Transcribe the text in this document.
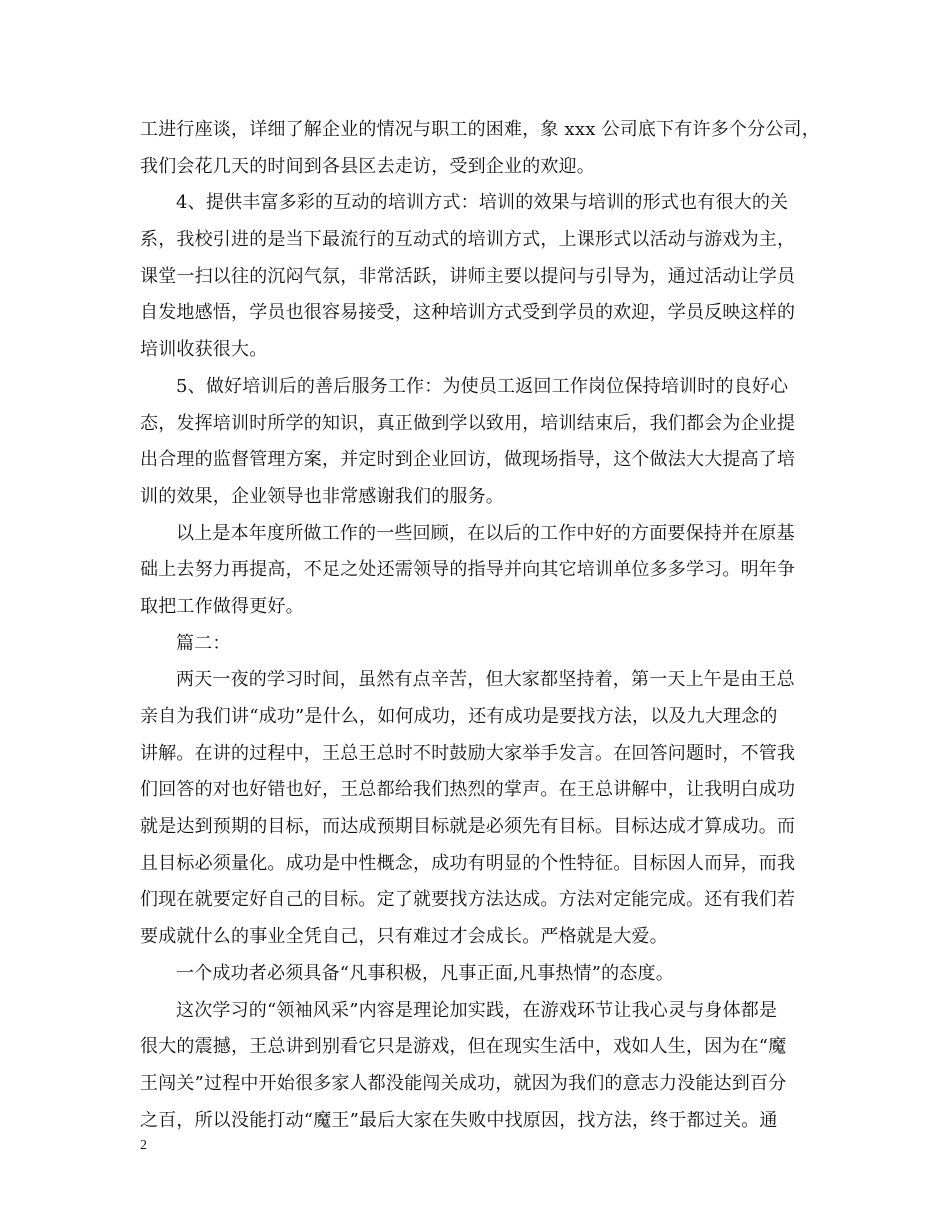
工进行座谈，详细了解企业的情况与职工的困难，象 xxx 公司底下有许多个分公司，
我们会花几天的时间到各县区去走访，受到企业的欢迎。
4、提供丰富多彩的互动的培训方式：培训的效果与培训的形式也有很大的关
系，我校引进的是当下最流行的互动式的培训方式，上课形式以活动与游戏为主，
课堂一扫以往的沉闷气氛，非常活跃，讲师主要以提问与引导为，通过活动让学员
自发地感悟，学员也很容易接受，这种培训方式受到学员的欢迎，学员反映这样的
培训收获很大。
5、做好培训后的善后服务工作：为使员工返回工作岗位保持培训时的良好心
态，发挥培训时所学的知识，真正做到学以致用，培训结束后，我们都会为企业提
出合理的监督管理方案，并定时到企业回访，做现场指导，这个做法大大提高了培
训的效果，企业领导也非常感谢我们的服务。
以上是本年度所做工作的一些回顾，在以后的工作中好的方面要保持并在原基
础上去努力再提高，不足之处还需领导的指导并向其它培训单位多多学习。明年争
取把工作做得更好。
篇二：
两天一夜的学习时间，虽然有点辛苦，但大家都坚持着，第一天上午是由王总
亲自为我们讲“成功”是什么，如何成功，还有成功是要找方法，以及九大理念的
讲解。在讲的过程中，王总王总时不时鼓励大家举手发言。在回答问题时，不管我
们回答的对也好错也好，王总都给我们热烈的掌声。在王总讲解中，让我明白成功
就是达到预期的目标，而达成预期目标就是必须先有目标。目标达成才算成功。而
且目标必须量化。成功是中性概念，成功有明显的个性特征。目标因人而异，而我
们现在就要定好自己的目标。定了就要找方法达成。方法对定能完成。还有我们若
要成就什么的事业全凭自己，只有难过才会成长。严格就是大爱。
一个成功者必须具备“凡事积极，凡事正面,凡事热情”的态度。
这次学习的“领袖风采”内容是理论加实践，在游戏环节让我心灵与身体都是
很大的震撼，王总讲到别看它只是游戏，但在现实生活中，戏如人生，因为在“魔
王闯关”过程中开始很多家人都没能闯关成功，就因为我们的意志力没能达到百分
之百，所以没能打动“魔王”最后大家在失败中找原因，找方法，终于都过关。通
2
